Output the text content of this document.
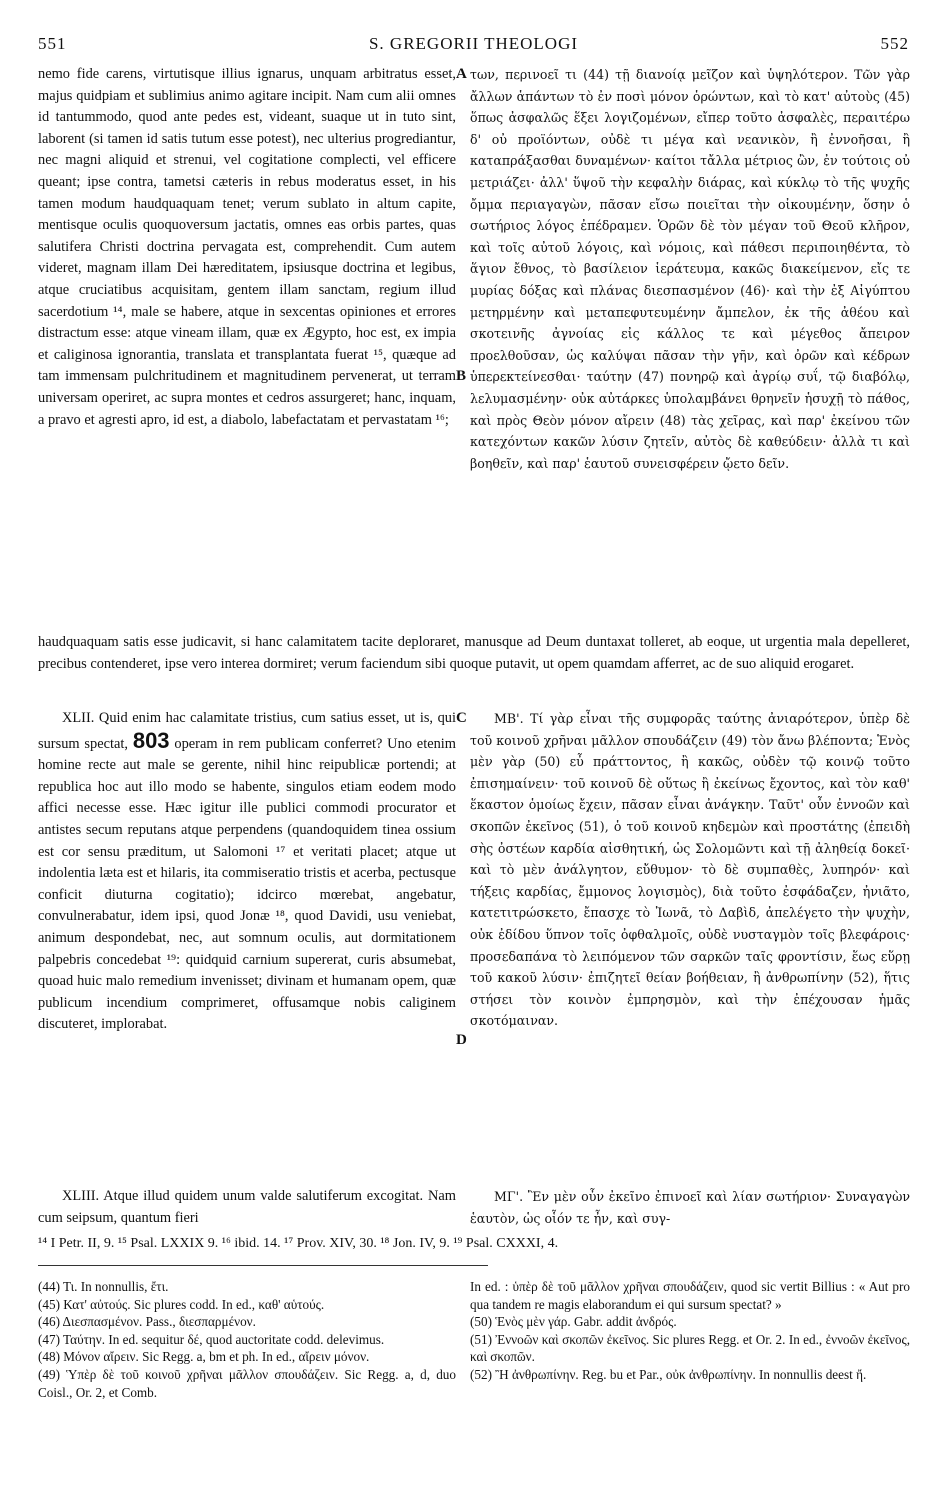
551	S. GREGORII THEOLOGI	552

nemo fide carens, virtutisque illius ignarus, unquam arbitratus esset, majus quidpiam et sublimius animo agitare incipit. Nam cum alii omnes id tantummodo, quod ante pedes est, videant, suaque ut in tuto sint, laborent (si tamen id satis tutum esse potest), nec ulterius progrediantur, nec magni aliquid et strenui, vel cogitatione complecti, vel efficere queant; ipse contra, tametsi cæteris in rebus moderatus esset, in his tamen modum haudquaquam tenet; verum sublato in altum capite, mentisque oculis quoquoversum jactatis, omnes eas orbis partes, quas salutifera Christi doctrina pervagata est, comprehendit. Cum autem videret, magnam illam Dei hæreditatem, ipsiusque doctrina et legibus, atque cruciatibus acquisitam, gentem illam sanctam, regium illud sacerdotium ¹⁴, male se habere, atque in sexcentas opiniones et errores distractum esse: atque vineam illam, quæ ex Ægypto, hoc est, ex impia et caliginosa ignorantia, translata et transplantata fuerat ¹⁵, quæque ad tam immensam pulchritudinem et magnitudinem pervenerat, ut terram universam operiret, ac supra montes et cedros assurgeret; hanc, inquam, a pravo et agresti apro, id est, a diabolo, labefactatam et pervastatam ¹⁶;

A
B

των, περινοεῖ τι (44) τῇ διανοίᾳ μεῖζον καὶ ὑψηλότερον. Τῶν γὰρ ἄλλων ἁπάντων τὸ ἐν ποσὶ μόνον ὁρώντων, καὶ τὸ κατ' αὐτοὺς (45) ὅπως ἀσφαλῶς ἕξει λογιζομένων, εἴπερ τοῦτο ἀσφαλὲς, περαιτέρω δ' οὐ προϊόντων, οὐδὲ τι μέγα καὶ νεανικὸν, ἢ ἐννοῆσαι, ἢ καταπράξασθαι δυναμένων· καίτοι τἄλλα μέτριος ὢν, ἐν τούτοις οὐ μετριάζει· ἀλλ' ὕψοῦ τὴν κεφαλὴν διάρας, καὶ κύκλῳ τὸ τῆς ψυχῆς ὄμμα περιαγαγὼν, πᾶσαν εἴσω ποιεῖται τὴν οἰκουμένην, ὅσην ὁ σωτήριος λόγος ἐπέδραμεν. Ὁρῶν δὲ τὸν μέγαν τοῦ Θεοῦ κλῆρον, καὶ τοῖς αὐτοῦ λόγοις, καὶ νόμοις, καὶ πάθεσι περιποιηθέντα, τὸ ἅγιον ἔθνος, τὸ βασίλειον ἱεράτευμα, κακῶς διακείμενον, εἴς τε μυρίας δόξας καὶ πλάνας διεσπασμένον (46)· καὶ τὴν ἐξ Αἰγύπτου μετηρμένην καὶ μεταπεφυτευμένην ἄμπελον, ἐκ τῆς ἀθέου καὶ σκοτεινῆς ἀγνοίας εἰς κάλλος τε καὶ μέγεθος ἄπειρον προελθοῦσαν, ὡς καλύψαι πᾶσαν τὴν γῆν, καὶ ὀρῶν καὶ κέδρων ὑπερεκτείνεσθαι· ταύτην (47) πονηρῷ καὶ ἀγρίῳ συΐ, τῷ διαβόλῳ, λελυμασμένην· οὐκ αὐτάρκες ὑπολαμβάνει θρηνεῖν ἡσυχῇ τὸ πάθος, καὶ πρὸς Θεὸν μόνον αἴρειν (48) τὰς χεῖρας, καὶ παρ' ἐκείνου τῶν κατεχόντων κακῶν λύσιν ζητεῖν, αὐτὸς δὲ καθεύδειν· ἀλλὰ τι καὶ βοηθεῖν, καὶ παρ' ἑαυτοῦ συνεισφέρειν ᾤετο δεῖν.

haudquaquam satis esse judicavit, si hanc calamitatem tacite deploraret, manusque ad Deum duntaxat tolleret, ab eoque, ut urgentia mala depelleret, precibus contenderet, ipse vero interea dormiret; verum faciendum sibi quoque putavit, ut opem quamdam afferret, ac de suo aliquid erogaret.

XLII. Quid enim hac calamitate tristius, cum satius esset, ut is, qui sursum spectat, 803 operam in rem publicam conferret? Uno etenim homine recte aut male se gerente, nihil hinc reipublicæ portendi; at republica hoc aut illo modo se habente, singulos etiam eodem modo affici necesse esse. Hæc igitur ille publici commodi procurator et antistes secum reputans atque perpendens (quandoquidem tinea ossium est cor sensu præditum, ut Salomoni ¹⁷ et veritati placet; atque ut indolentia læta est et hilaris, ita commiseratio tristis et acerba, pectusque conficit diuturna cogitatio); idcirco mœrebat, angebatur, convulnerabatur, idem ipsi, quod Jonæ ¹⁸, quod Davidi, usu veniebat, animum despondebat, nec, aut somnum oculis, aut dormitationem palpebris concedebat ¹⁹: quidquid carnium supererat, curis absumebat, quoad huic malo remedium invenisset; divinam et humanam opem, quæ publicum incendium comprimeret, offusamque nobis caliginem discuteret, implorabat.

C
D

ΜΒ'. Τί γὰρ εἶναι τῆς συμφορᾶς ταύτης ἀνιαρότερον, ὑπὲρ δὲ τοῦ κοινοῦ χρῆναι μᾶλλον σπουδάζειν (49) τὸν ἄνω βλέποντα; Ἑνὸς μὲν γὰρ (50) εὖ πράττοντος, ἢ κακῶς, οὐδὲν τῷ κοινῷ τοῦτο ἐπισημαίνειν· τοῦ κοινοῦ δὲ οὕτως ἢ ἐκείνως ἔχοντος, καὶ τὸν καθ' ἕκαστον ὁμοίως ἔχειν, πᾶσαν εἶναι ἀνάγκην. Ταῦτ' οὖν ἐννοῶν καὶ σκοπῶν ἐκεῖνος (51), ὁ τοῦ κοινοῦ κηδεμὼν καὶ προστάτης (ἐπειδὴ σὴς ὀστέων καρδία αἰσθητική, ὡς Σολομῶντι καὶ τῇ ἀληθείᾳ δοκεῖ· καὶ τὸ μὲν ἀνάλγητον, εὔθυμον· τὸ δὲ συμπαθὲς, λυπηρόν· καὶ τήξεις καρδίας, ἔμμονος λογισμὸς), διὰ τοῦτο ἐσφάδαζεν, ἠνιᾶτο, κατετιτρώσκετο, ἔπασχε τὸ Ἰωνᾶ, τὸ Δαβὶδ, ἀπελέγετο τὴν ψυχὴν, οὐκ ἐδίδου ὕπνον τοῖς ὀφθαλμοῖς, οὐδὲ νυσταγμὸν τοῖς βλεφάροις· προσεδαπάνα τὸ λειπόμενον τῶν σαρκῶν ταῖς φροντίσιν, ἕως εὕρῃ τοῦ κακοῦ λύσιν· ἐπιζητεῖ θείαν βοήθειαν, ἢ ἀνθρωπίνην (52), ἥτις στήσει τὸν κοινὸν ἐμπρησμὸν, καὶ τὴν ἐπέχουσαν ἡμᾶς σκοτόμαιναν.

XLIII. Atque illud quidem unum valde salutiferum excogitat. Nam cum seipsum, quantum fieri

ΜΓ'. Ἓν μὲν οὖν ἐκεῖνο ἐπινοεῖ καὶ λίαν σωτήριον· Συναγαγὼν ἑαυτὸν, ὡς οἷόν τε ἦν, καὶ συγ-

¹⁴ I Petr. II, 9. ¹⁵ Psal. LXXIX 9. ¹⁶ ibid. 14. ¹⁷ Prov. XIV, 30. ¹⁸ Jon. IV, 9. ¹⁹ Psal. CXXXI, 4.

(44) Τι. In nonnullis, ἔτι.

(45) Κατ' αὐτούς. Sic plures codd. In ed., καθ' αὑτούς.

(46) Διεσπασμένον. Pass., διεσπαρμένον.

(47) Ταύτην. In ed. sequitur δέ, quod auctoritate codd. delevimus.

(48) Μόνον αἴρειν. Sic Regg. a, bm et ph. In ed., αἴρειν μόνον.

(49) Ὑπὲρ δὲ τοῦ κοινοῦ χρῆναι μᾶλλον σπουδάζειν. Sic Regg. a, d, duo Coisl., Or. 2, et Comb.

In ed. : ὑπὲρ δὲ τοῦ μᾶλλον χρῆναι σπουδάζειν, quod sic vertit Billius : « Aut pro qua tandem re magis elaborandum ei qui sursum spectat? »

(50) Ἑνὸς μὲν γάρ. Gabr. addit ἀνδρός.

(51) Ἐννοῶν καὶ σκοπῶν ἐκεῖνος. Sic plures Regg. et Or. 2. In ed., ἐννοῶν ἐκεῖνος, καὶ σκοπῶν.

(52) Ἢ ἀνθρωπίνην. Reg. bu et Par., οὐκ ἀνθρωπίνην. In nonnullis deest ἤ.
